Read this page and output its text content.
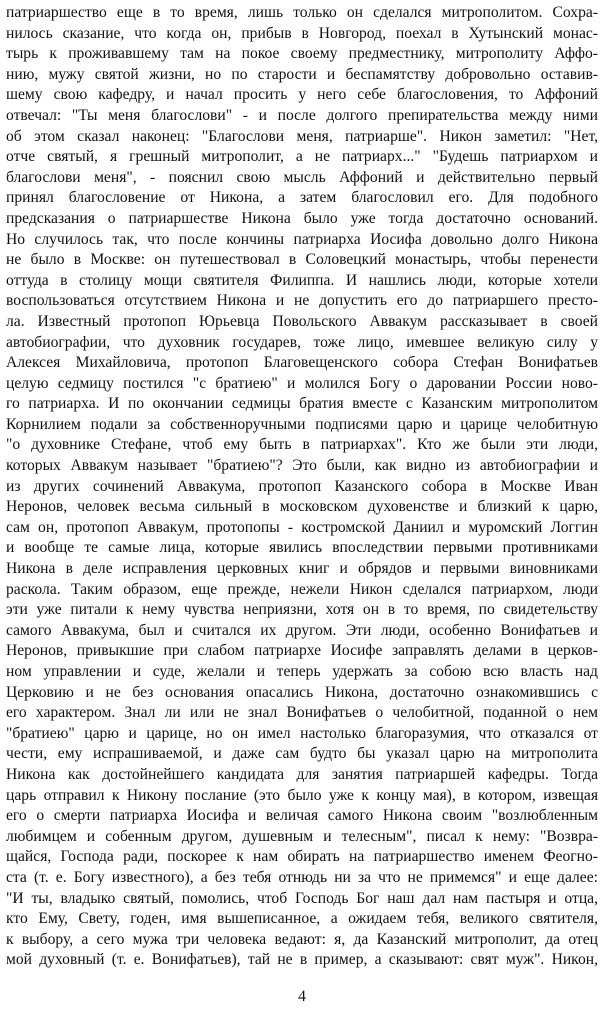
патриаршество еще в то время, лишь только он сделался митрополитом. Сохра-
нилось сказание, что когда он, прибыв в Новгород, поехал в Хутынский монас-
тырь к проживавшему там на покое своему предместнику, митрополиту Аффо-
нию, мужу святой жизни, но по старости и беспамятству добровольно оставив-
шему свою кафедру, и начал просить у него себе благословения, то Аффоний
отвечал: "Ты меня благослови" - и после долгого препирательства между ними
об этом сказал наконец: "Благослови меня, патриарше". Никон заметил: "Нет,
отче святый, я грешный митрополит, а не патриарх..." "Будешь патриархом и
благослови меня", - пояснил свою мысль Аффоний и действительно первый
принял благословение от Никона, а затем благословил его. Для подобного
предсказания о патриаршестве Никона было уже тогда достаточно оснований.
Но случилось так, что после кончины патриарха Иосифа довольно долго Никона
не было в Москве: он путешествовал в Соловецкий монастырь, чтобы перенести
оттуда в столицу мощи святителя Филиппа. И нашлись люди, которые хотели
воспользоваться отсутствием Никона и не допустить его до патриаршего престо-
ла. Известный протопоп Юрьевца Повольского Аввакум рассказывает в своей
автобиографии, что духовник государев, тоже лицо, имевшее великую силу у
Алексея Михайловича, протопоп Благовещенского собора Стефан Вонифатьев
целую седмицу постился "с братиею" и молился Богу о даровании России ново-
го патриарха. И по окончании седмицы братия вместе с Казанским митрополитом
Корнилием подали за собственноручными подписями царю и царице челобитную
"о духовнике Стефане, чтоб ему быть в патриархах". Кто же были эти люди,
которых Аввакум называет "братиею"? Это были, как видно из автобиографии и
из других сочинений Аввакума, протопоп Казанского собора в Москве Иван
Неронов, человек весьма сильный в московском духовенстве и близкий к царю,
сам он, протопоп Аввакум, протопопы - костромской Даниил и муромский Логгин
и вообще те самые лица, которые явились впоследствии первыми противниками
Никона в деле исправления церковных книг и обрядов и первыми виновниками
раскола. Таким образом, еще прежде, нежели Никон сделался патриархом, люди
эти уже питали к нему чувства неприязни, хотя он в то время, по свидетельству
самого Аввакума, был и считался их другом. Эти люди, особенно Вонифатьев и
Неронов, привыкшие при слабом патриархе Иосифе заправлять делами в церков-
ном управлении и суде, желали и теперь удержать за собою всю власть над
Церковию и не без основания опасались Никона, достаточно ознакомившись с
его характером. Знал ли или не знал Вонифатьев о челобитной, поданной о нем
"братиею" царю и царице, но он имел настолько благоразумия, что отказался от
чести, ему испрашиваемой, и даже сам будто бы указал царю на митрополита
Никона как достойнейшего кандидата для занятия патриаршей кафедры. Тогда
царь отправил к Никону послание (это было уже к концу мая), в котором, извещая
его о смерти патриарха Иосифа и величая самого Никона своим "возлюбленным
любимцем и собенным другом, душевным и телесным", писал к нему: "Возвра-
щайся, Господа ради, поскорее к нам обирать на патриаршество именем Феогно-
ста (т. е. Богу известного), а без тебя отнюдь ни за что не примемся" и еще далее:
"И ты, владыко святый, помолись, чтоб Господь Бог наш дал нам пастыря и отца,
кто Ему, Свету, годен, имя вышеписанное, а ожидаем тебя, великого святителя,
к выбору, а сего мужа три человека ведают: я, да Казанский митрополит, да отец
мой духовный (т. е. Вонифатьев), тай не в пример, а сказывают: свят муж". Никон,
4
